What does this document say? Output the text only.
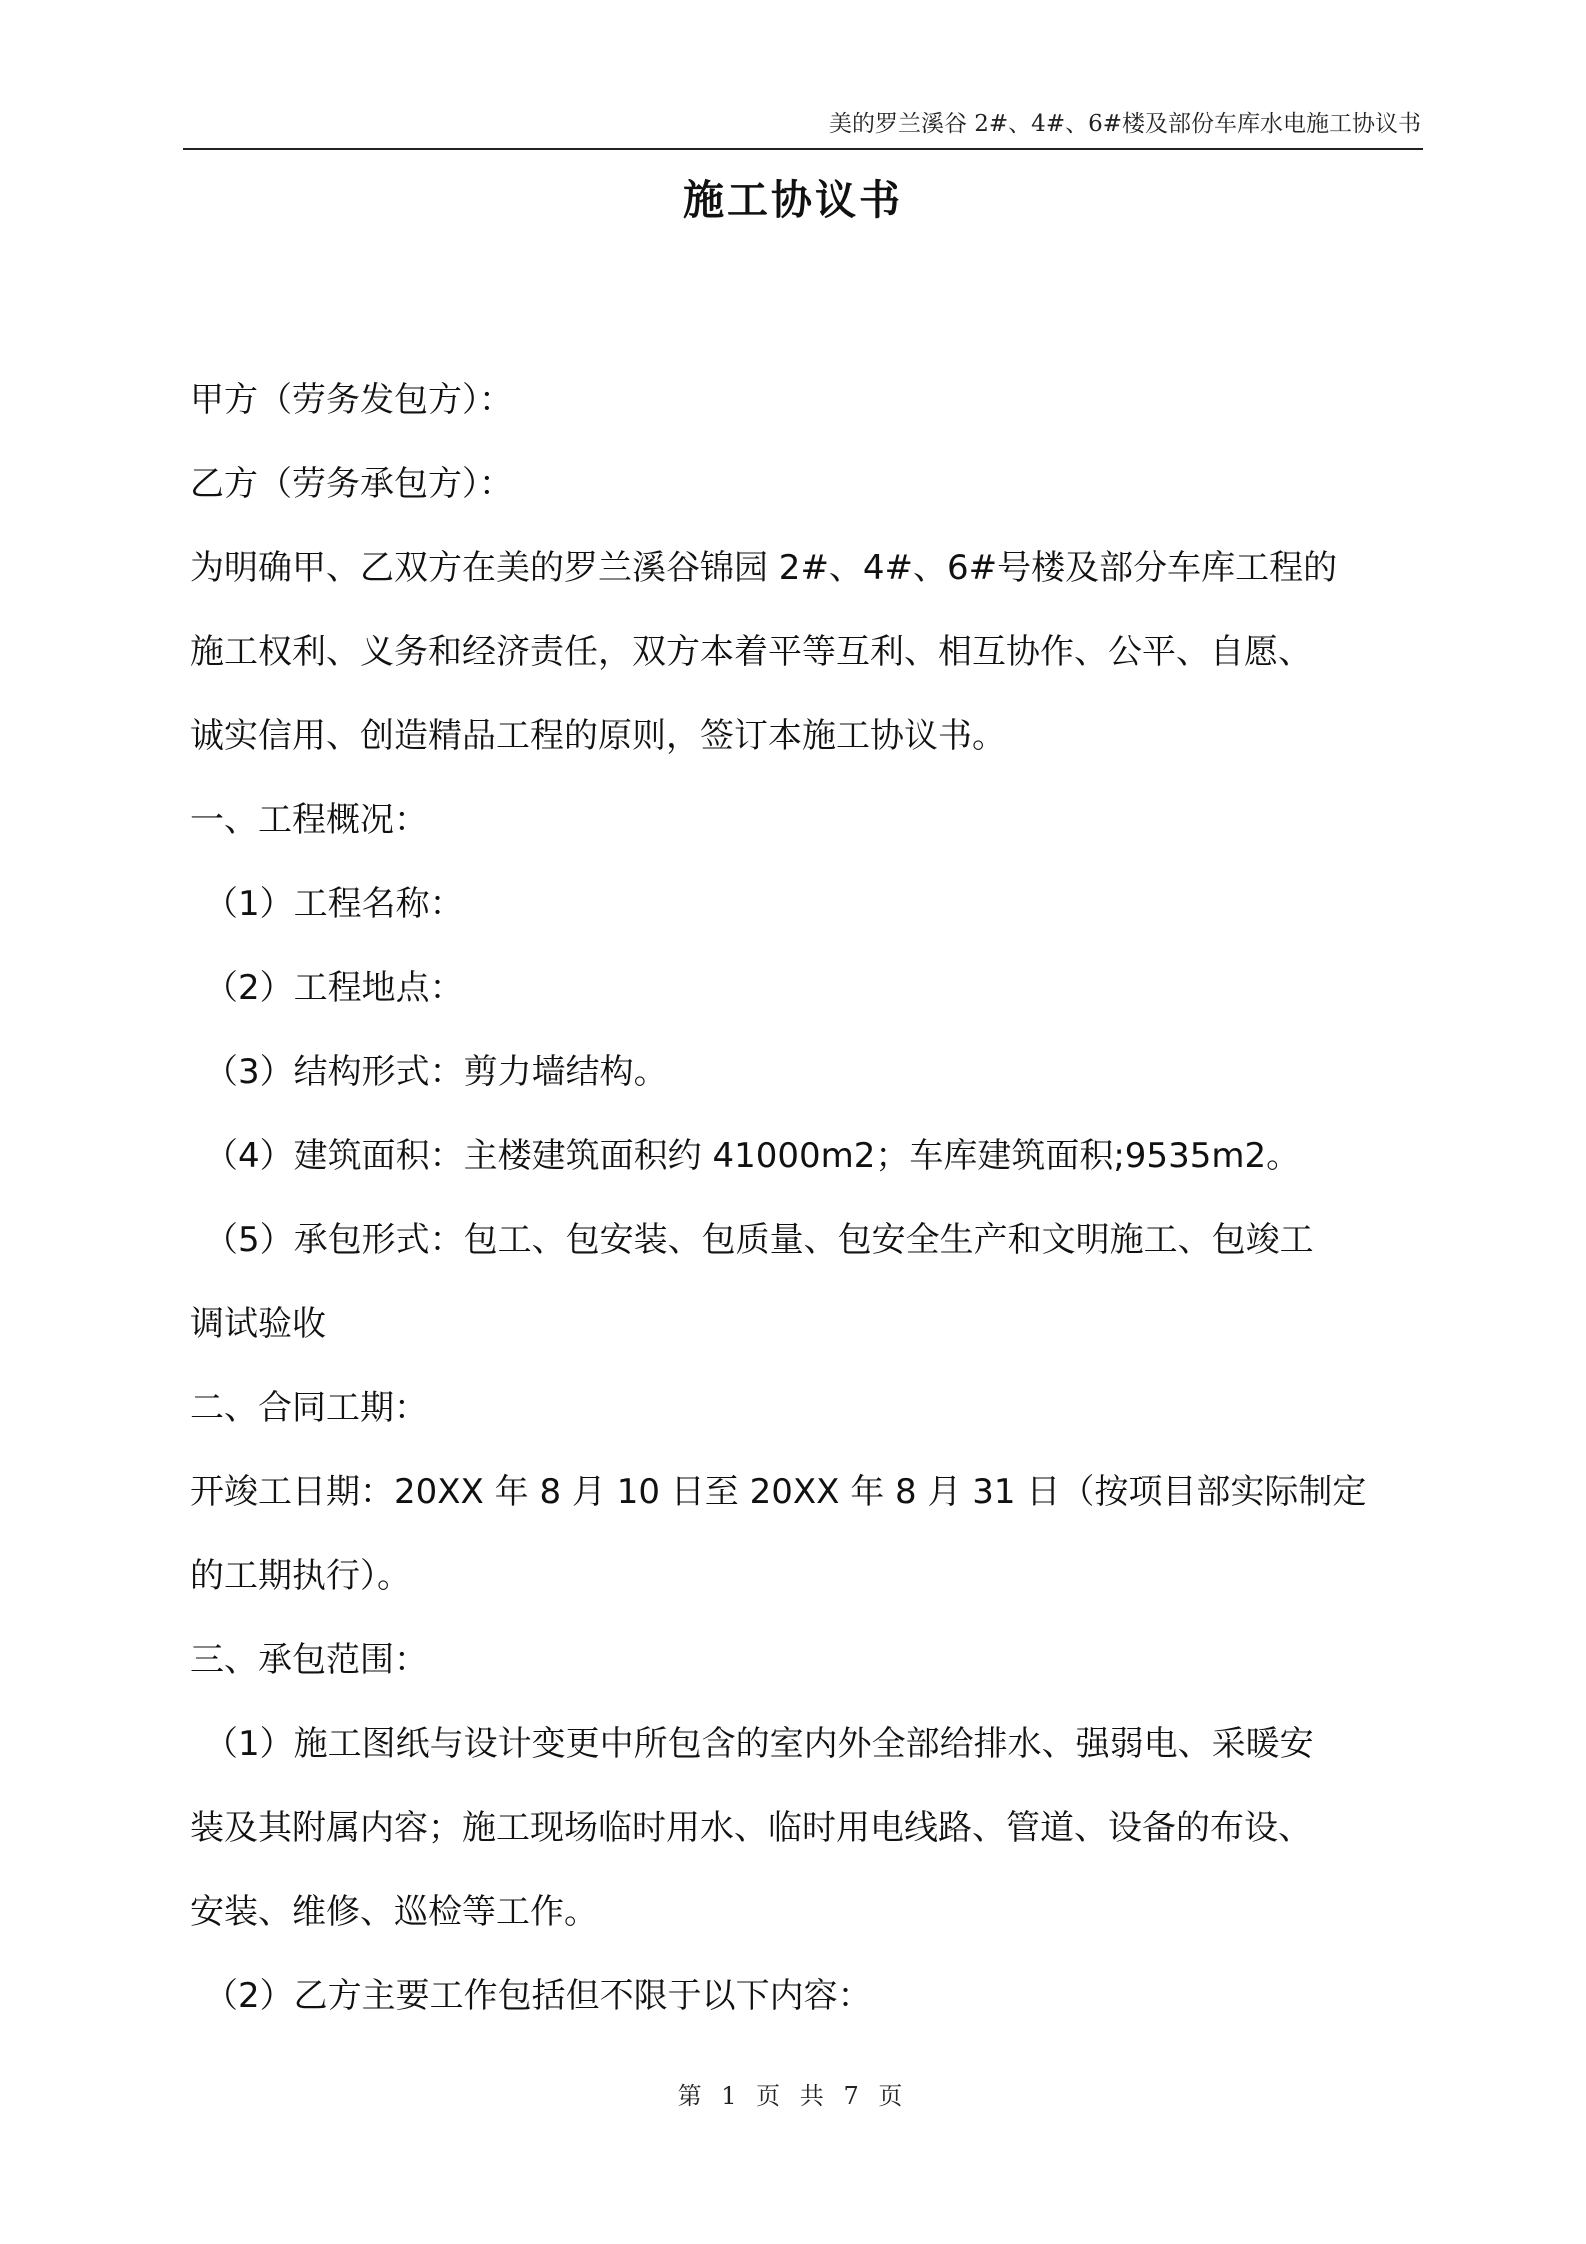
美的罗兰溪谷 2#、4#、6#楼及部份车库水电施工协议书
施工协议书

甲方（劳务发包方）：

乙方（劳务承包方）：

为明确甲、乙双方在美的罗兰溪谷锦园 2#、4#、6#号楼及部分车库工程的

施工权利、义务和经济责任，双方本着平等互利、相互协作、公平、自愿、

诚实信用、创造精品工程的原则，签订本施工协议书。

一、工程概况：

（1）工程名称：

（2）工程地点：

（3）结构形式：剪力墙结构。

（4）建筑面积：主楼建筑面积约 41000m2；车库建筑面积;9535m2。

（5）承包形式：包工、包安装、包质量、包安全生产和文明施工、包竣工

调试验收

二、合同工期：

开竣工日期：20XX 年 8 月 10 日至 20XX 年 8 月 31 日（按项目部实际制定

的工期执行）。

三、承包范围：

（1）施工图纸与设计变更中所包含的室内外全部给排水、强弱电、采暖安

装及其附属内容；施工现场临时用水、临时用电线路、管道、设备的布设、

安装、维修、巡检等工作。

（2）乙方主要工作包括但不限于以下内容：

第 1 页 共 7 页
